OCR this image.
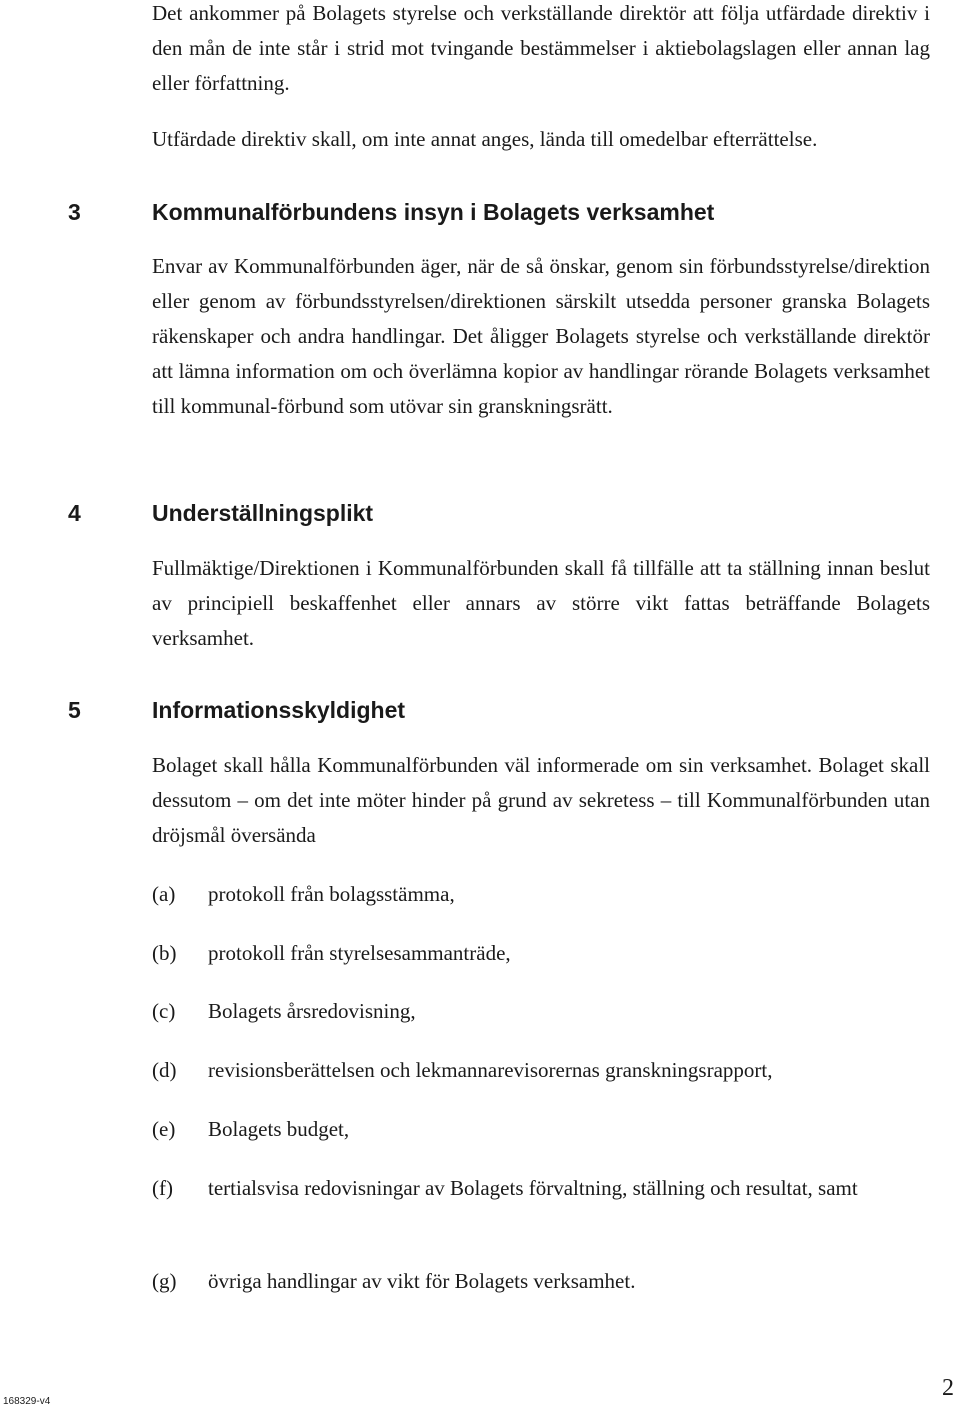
Det ankommer på Bolagets styrelse och verkställande direktör att följa utfärdade direktiv i den mån de inte står i strid mot tvingande bestämmelser i aktiebolagslagen eller annan lag eller författning.

Utfärdade direktiv skall, om inte annat anges, lända till omedelbar efterrättelse.

3	Kommunalförbundens insyn i Bolagets verksamhet

Envar av Kommunalförbunden äger, när de så önskar, genom sin förbundsstyrelse/direktion eller genom av förbundsstyrelsen/direktionen särskilt utsedda personer granska Bolagets räkenskaper och andra handlingar. Det åligger Bolagets styrelse och verkställande direktör att lämna information om och överlämna kopior av handlingar rörande Bolagets verksamhet till kommunal-förbund som utövar sin granskningsrätt.

4	Underställningsplikt

Fullmäktige/Direktionen i Kommunalförbunden skall få tillfälle att ta ställning innan beslut av principiell beskaffenhet eller annars av större vikt fattas beträffande Bolagets verksamhet.

5	Informationsskyldighet

Bolaget skall hålla Kommunalförbunden väl informerade om sin verksamhet. Bolaget skall dessutom – om det inte möter hinder på grund av sekretess – till Kommunalförbunden utan dröjsmål översända

(a) protokoll från bolagsstämma,
(b) protokoll från styrelsesammanträde,
(c) Bolagets årsredovisning,
(d) revisionsberättelsen och lekmannarevisorernas granskningsrapport,
(e) Bolagets budget,
(f) tertialsvisa redovisningar av Bolagets förvaltning, ställning och resultat, samt
(g) övriga handlingar av vikt för Bolagets verksamhet.
168329-v4
2
